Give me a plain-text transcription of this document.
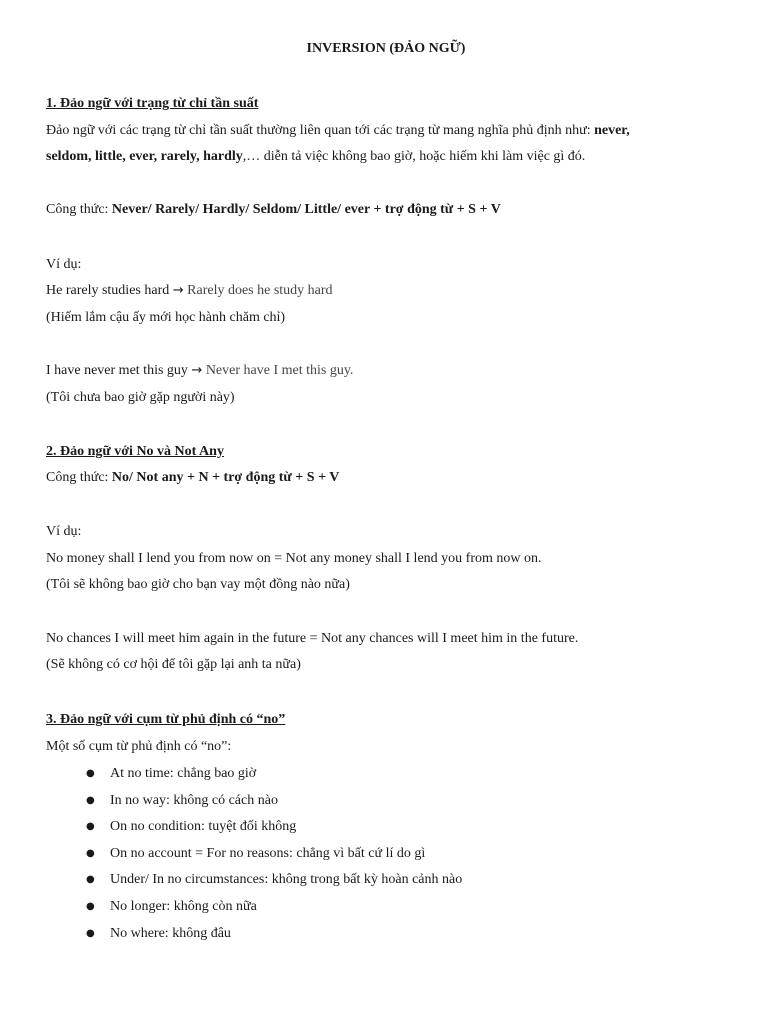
INVERSION (ĐẢO NGỮ)
1. Đảo ngữ với trạng từ chỉ tần suất
Đảo ngữ với các trạng từ chỉ tần suất thường liên quan tới các trạng từ mang nghĩa phủ định như: never,
seldom, little, ever, rarely, hardly,… diễn tả việc không bao giờ, hoặc hiếm khi làm việc gì đó.
Công thức: Never/ Rarely/ Hardly/ Seldom/ Little/ ever + trợ động từ + S + V
Ví dụ:
He rarely studies hard → Rarely does he study hard
(Hiếm lắm cậu ấy mới học hành chăm chỉ)
I have never met this guy → Never have I met this guy.
(Tôi chưa bao giờ gặp người này)
2. Đảo ngữ với No và Not Any
Công thức: No/ Not any + N + trợ động từ + S + V
Ví dụ:
No money shall I lend you from now on = Not any money shall I lend you from now on.
(Tôi sẽ không bao giờ cho bạn vay một đồng nào nữa)
No chances I will meet him again in the future = Not any chances will I meet him in the future.
(Sẽ không có cơ hội để tôi gặp lại anh ta nữa)
3. Đảo ngữ với cụm từ phủ định có “no”
Một số cụm từ phủ định có “no”:
● At no time: chẳng bao giờ
● In no way: không có cách nào
● On no condition: tuyệt đối không
● On no account = For no reasons: chẳng vì bất cứ lí do gì
● Under/ In no circumstances: không trong bất kỳ hoàn cảnh nào
● No longer: không còn nữa
● No where: không đâu
